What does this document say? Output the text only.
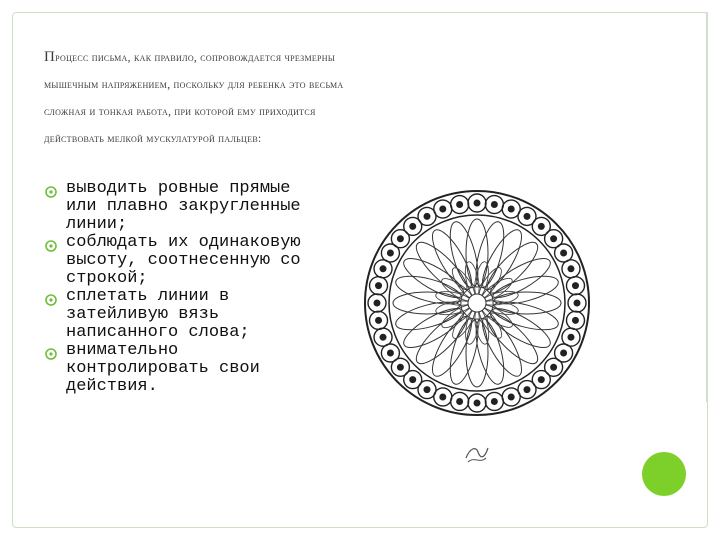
Процесс письма, как правило, сопровождается чрезмерны
мышечным напряжением, поскольку для ребенка это весьма
сложная и тонкая работа, при которой ему приходится
действовать мелкой мускулатурой пальцев:
выводить ровные прямые или плавно закругленные линии;
соблюдать их одинаковую высоту, соотнесенную со строкой;
сплетать линии в затейливую вязь написанного слова;
внимательно контролировать свои действия.
